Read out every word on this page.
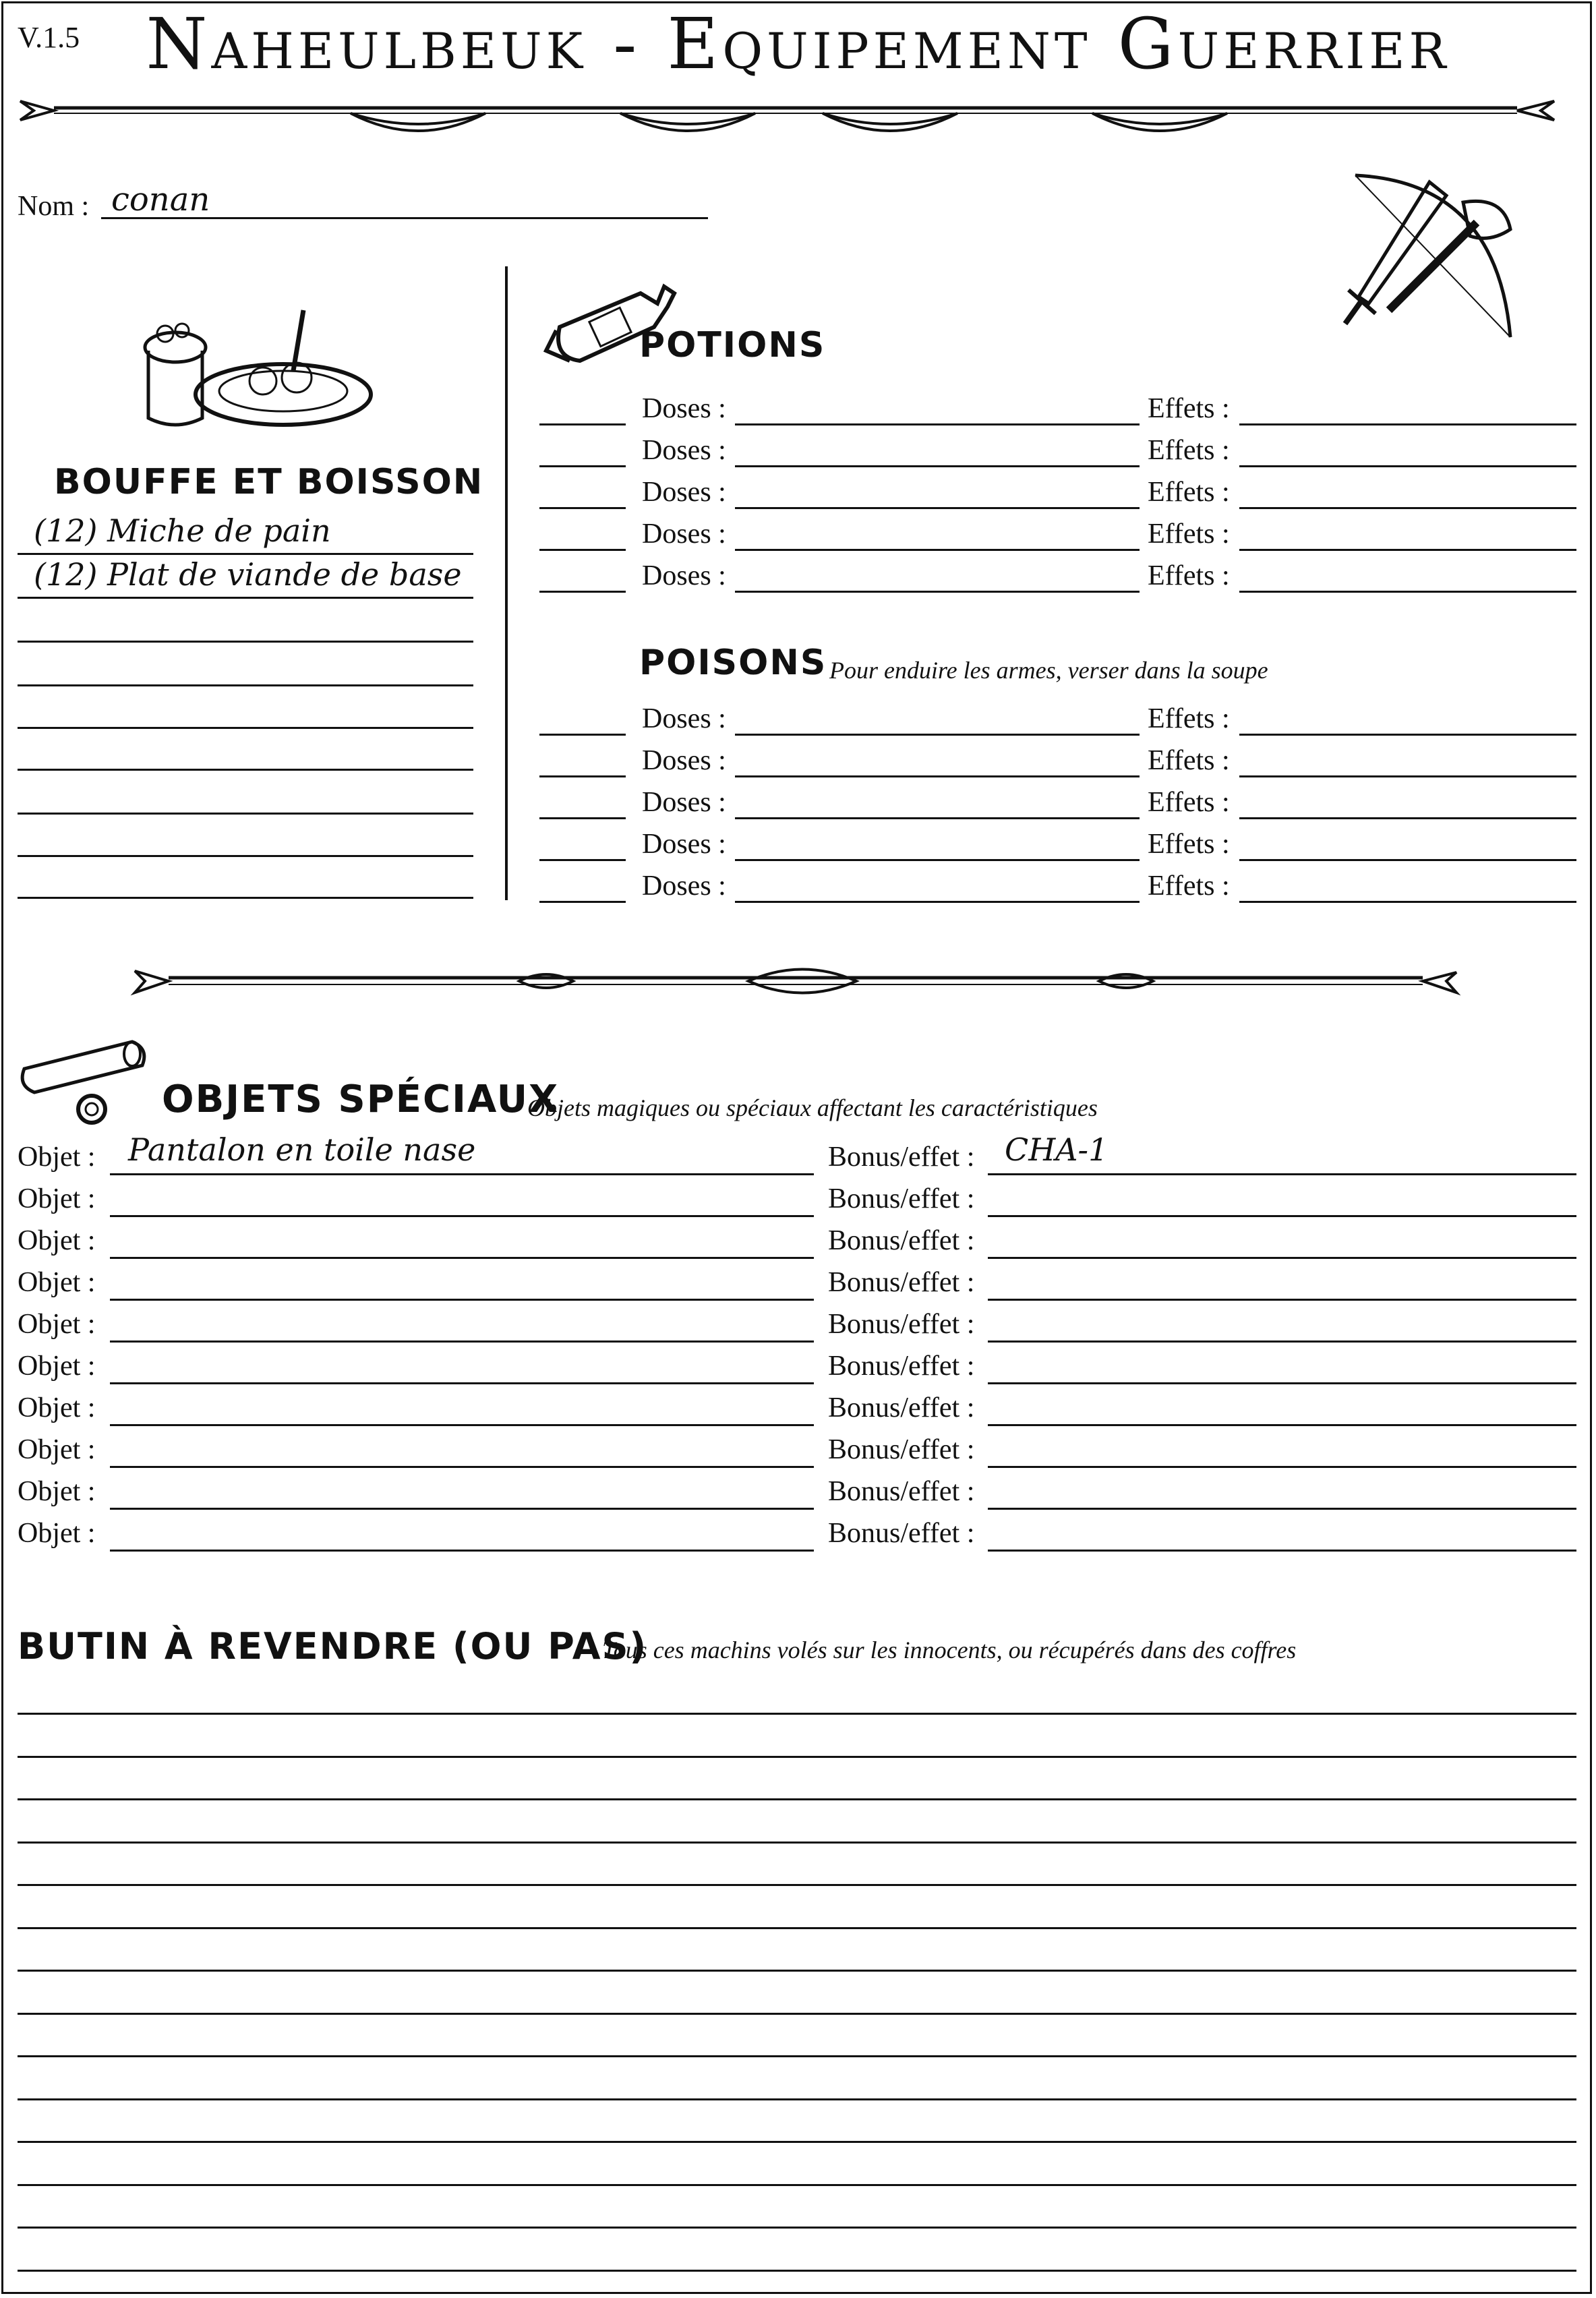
V.1.5 Naheulbeuk - Equipement Guerrier
Nom : conan
BOUFFE ET BOISSON
(12) Miche de pain
(12) Plat de viande de base
POTIONS
Doses :	Effets :
Doses :	Effets :
Doses :	Effets :
Doses :	Effets :
Doses :	Effets :
POISONS Pour enduire les armes, verser dans la soupe
Doses :	Effets :
Doses :	Effets :
Doses :	Effets :
Doses :	Effets :
Doses :	Effets :
OBJETS SPÉCIAUX
Objets magiques ou spéciaux affectant les caractéristiques
Objet : Pantalon en toile nase	Bonus/effet : CHA-1
Objet :	Bonus/effet :
Objet :	Bonus/effet :
Objet :	Bonus/effet :
Objet :	Bonus/effet :
Objet :	Bonus/effet :
Objet :	Bonus/effet :
Objet :	Bonus/effet :
Objet :	Bonus/effet :
Objet :	Bonus/effet :
BUTIN À REVENDRE (OU PAS)
Tous ces machins volés sur les innocents, ou récupérés dans des coffres
